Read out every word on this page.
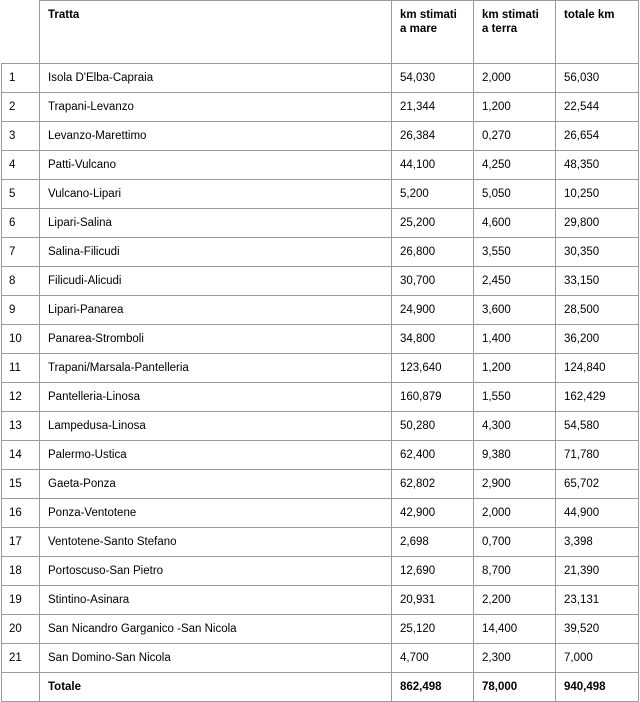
	Tratta	km stimati a mare	km stimati a terra	totale km
1	Isola D'Elba-Capraia	54,030	2,000	56,030
2	Trapani-Levanzo	21,344	1,200	22,544
3	Levanzo-Marettimo	26,384	0,270	26,654
4	Patti-Vulcano	44,100	4,250	48,350
5	Vulcano-Lipari	5,200	5,050	10,250
6	Lipari-Salina	25,200	4,600	29,800
7	Salina-Filicudi	26,800	3,550	30,350
8	Filicudi-Alicudi	30,700	2,450	33,150
9	Lipari-Panarea	24,900	3,600	28,500
10	Panarea-Stromboli	34,800	1,400	36,200
11	Trapani/Marsala-Pantelleria	123,640	1,200	124,840
12	Pantelleria-Linosa	160,879	1,550	162,429
13	Lampedusa-Linosa	50,280	4,300	54,580
14	Palermo-Ustica	62,400	9,380	71,780
15	Gaeta-Ponza	62,802	2,900	65,702
16	Ponza-Ventotene	42,900	2,000	44,900
17	Ventotene-Santo Stefano	2,698	0,700	3,398
18	Portoscuso-San Pietro	12,690	8,700	21,390
19	Stintino-Asinara	20,931	2,200	23,131
20	San Nicandro Garganico -San Nicola	25,120	14,400	39,520
21	San Domino-San Nicola	4,700	2,300	7,000
	Totale	862,498	78,000	940,498
